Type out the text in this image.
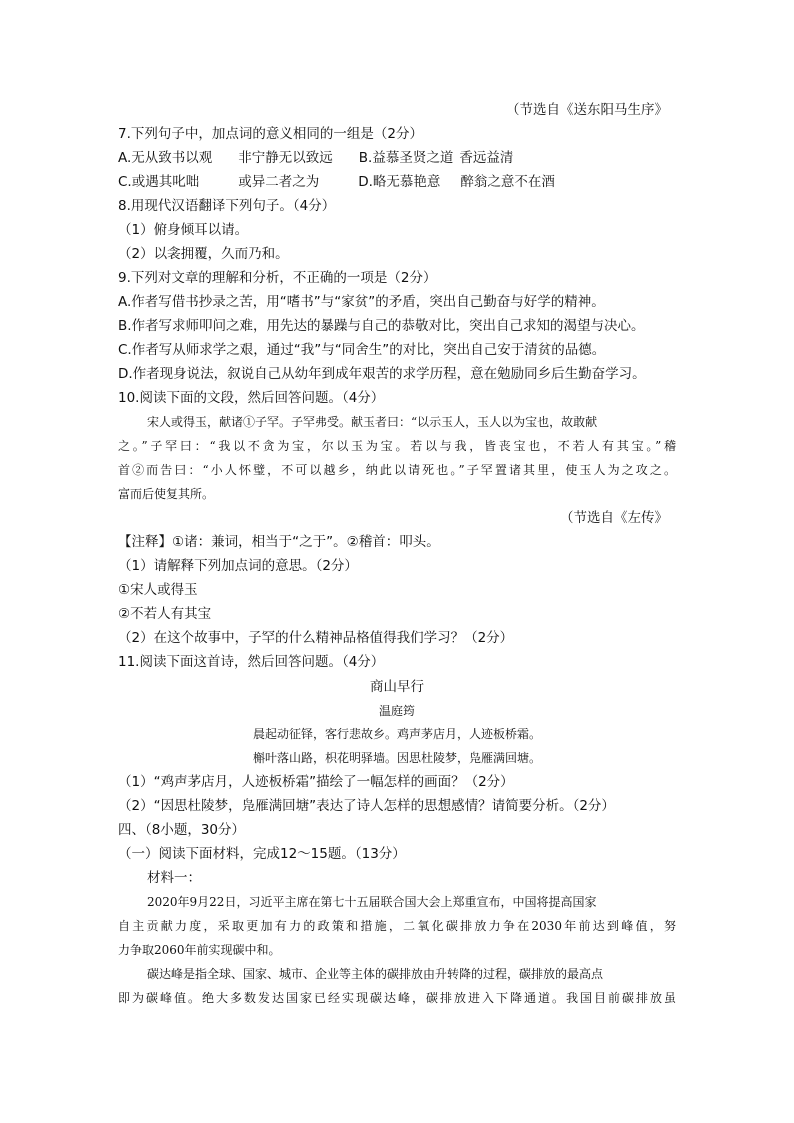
（节选自《送东阳马生序》
7.下列句子中，加点词的意义相同的一组是（2分）
A.无从致书以观 非宁静无以致远 B.益慕圣贤之道 香远益清
C.或遇其叱咄	或异二者之为	D.略无慕艳意 醉翁之意不在酒
8.用现代汉语翻译下列句子。（4分）
（1）俯身倾耳以请。
（2）以衾拥覆，久而乃和。
9.下列对文章的理解和分析，不正确的一项是（2分）
A.作者写借书抄录之苦，用“嗜书”与“家贫”的矛盾，突出自己勤奋与好学的精神。
B.作者写求师叩问之难，用先达的暴躁与自己的恭敬对比，突出自己求知的渴望与决心。
C.作者写从师求学之艰，通过“我”与“同舍生”的对比，突出自己安于清贫的品德。
D.作者现身说法，叙说自己从幼年到成年艰苦的求学历程，意在勉励同乡后生勤奋学习。
10.阅读下面的文段，然后回答问题。（4分）
宋人或得玉，献诸①子罕。子罕弗受。献玉者曰：“以示玉人，玉人以为宝也，故敢献
之。”子罕曰：“我以不贪为宝，尔以玉为宝。若以与我，皆丧宝也，不若人有其宝。”稽
首②而告曰：“小人怀璧，不可以越乡，纳此以请死也。”子罕置诸其里，使玉人为之攻之。
富而后使复其所。
（节选自《左传》
【注释】①诸：兼词，相当于“之于”。②稽首：叩头。
（1）请解释下列加点词的意思。（2分）
①宋人或得玉
②不若人有其宝
（2）在这个故事中，子罕的什么精神品格值得我们学习？（2分）
11.阅读下面这首诗，然后回答问题。（4分）
商山早行
温庭筠
晨起动征铎，客行悲故乡。鸡声茅店月，人迹板桥霜。
槲叶落山路，枳花明驿墙。因思杜陵梦，凫雁满回塘。
（1）“鸡声茅店月，人迹板桥霜”描绘了一幅怎样的画面？（2分）
（2）“因思杜陵梦，凫雁满回塘”表达了诗人怎样的思想感情？请简要分析。（2分）
四、（8小题，30分）
（一）阅读下面材料，完成12～15题。（13分）
材料一：
2020年9月22日，习近平主席在第七十五届联合国大会上郑重宣布，中国将提高国家
自主贡献力度，采取更加有力的政策和措施，二氧化碳排放力争在2030年前达到峰值，努
力争取2060年前实现碳中和。
碳达峰是指全球、国家、城市、企业等主体的碳排放由升转降的过程，碳排放的最高点
即为碳峰值。绝大多数发达国家已经实现碳达峰，碳排放进入下降通道。我国目前碳排放虽
